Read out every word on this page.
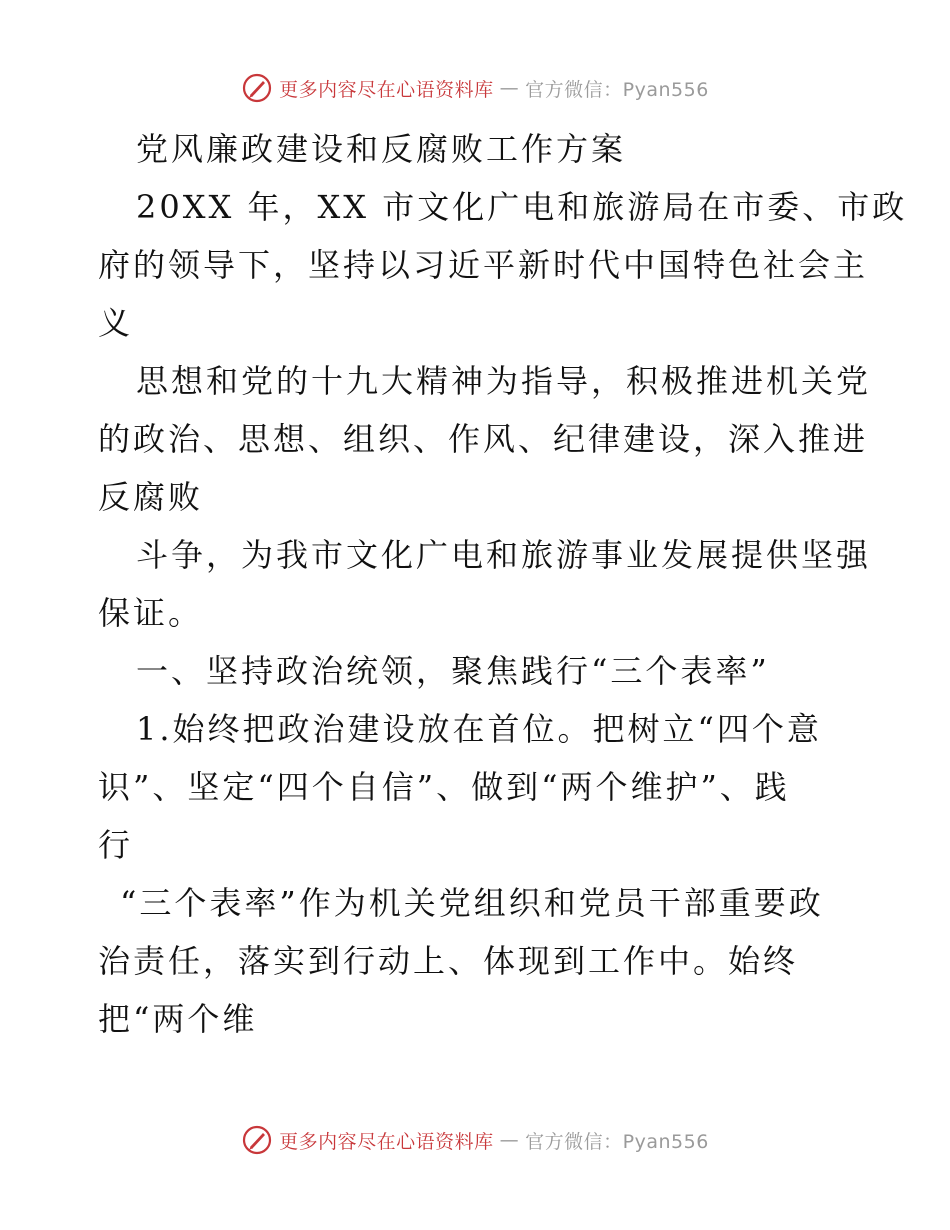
更多内容尽在心语资料库 — 官方微信：Pyan556
党风廉政建设和反腐败工作方案
20XX 年，XX 市文化广电和旅游局在市委、市政
府的领导下，坚持以习近平新时代中国特色社会主
义
思想和党的十九大精神为指导，积极推进机关党
的政治、思想、组织、作风、纪律建设，深入推进
反腐败
斗争，为我市文化广电和旅游事业发展提供坚强
保证。
一、坚持政治统领，聚焦践行“三个表率”
1.始终把政治建设放在首位。把树立“四个意
识”、坚定“四个自信”、做到“两个维护”、践
行
“三个表率”作为机关党组织和党员干部重要政
治责任，落实到行动上、体现到工作中。始终
把“两个维
更多内容尽在心语资料库 — 官方微信：Pyan556
